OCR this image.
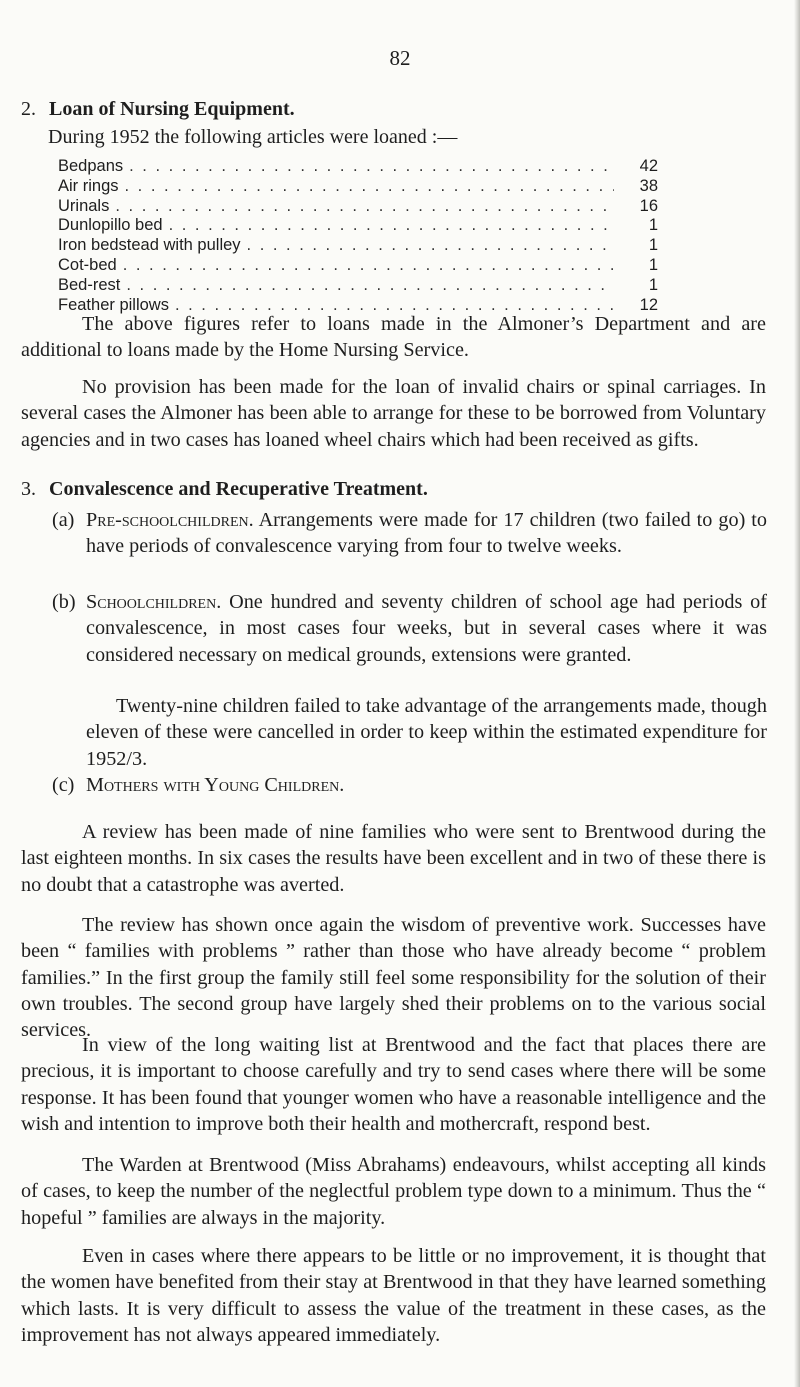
82
2. Loan of Nursing Equipment.
During 1952 the following articles were loaned :—
Bedpans . . .	42
Air rings . . .	38
Urinals . . .	16
Dunlopillo bed . . .	1
Iron bedstead with pulley . . .	1
Cot-bed . . .	1
Bed-rest . . .	1
Feather pillows . . .	12

The above figures refer to loans made in the Almoner’s Department and are additional to loans made by the Home Nursing Service.

No provision has been made for the loan of invalid chairs or spinal carriages. In several cases the Almoner has been able to arrange for these to be borrowed from Voluntary agencies and in two cases has loaned wheel chairs which had been received as gifts.

3. Convalescence and Recuperative Treatment.

(a) Pre-schoolchildren. Arrangements were made for 17 children (two failed to go) to have periods of convalescence varying from four to twelve weeks.

(b) Schoolchildren. One hundred and seventy children of school age had periods of convalescence, in most cases four weeks, but in several cases where it was considered necessary on medical grounds, extensions were granted.

Twenty-nine children failed to take advantage of the arrangements made, though eleven of these were cancelled in order to keep within the estimated expenditure for 1952/3.

(c) Mothers with Young Children.

A review has been made of nine families who were sent to Brentwood during the last eighteen months. In six cases the results have been excellent and in two of these there is no doubt that a catastrophe was averted.

The review has shown once again the wisdom of preventive work. Successes have been “ families with problems ” rather than those who have already become “ problem families.” In the first group the family still feel some responsibility for the solution of their own troubles. The second group have largely shed their problems on to the various social services.

In view of the long waiting list at Brentwood and the fact that places there are precious, it is important to choose carefully and try to send cases where there will be some response. It has been found that younger women who have a reasonable intelligence and the wish and intention to improve both their health and mothercraft, respond best.

The Warden at Brentwood (Miss Abrahams) endeavours, whilst accepting all kinds of cases, to keep the number of the neglectful problem type down to a minimum. Thus the “ hopeful ” families are always in the majority.

Even in cases where there appears to be little or no improvement, it is thought that the women have benefited from their stay at Brentwood in that they have learned something which lasts. It is very difficult to assess the value of the treatment in these cases, as the improvement has not always appeared immediately.
